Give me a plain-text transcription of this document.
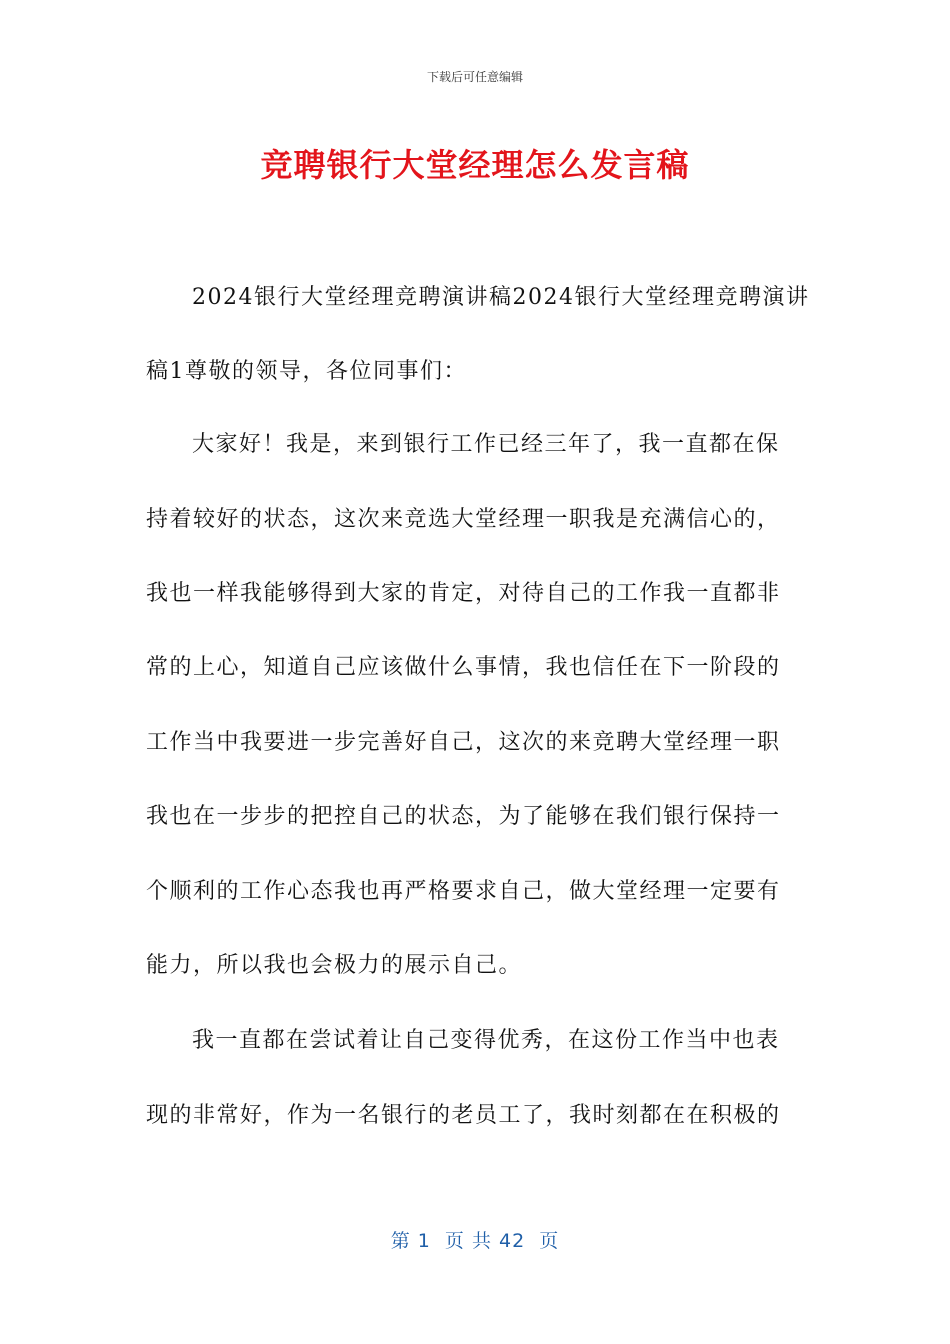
下载后可任意编辑
竞聘银行大堂经理怎么发言稿
2024银行大堂经理竞聘演讲稿2024银行大堂经理竞聘演讲
稿1尊敬的领导，各位同事们：
大家好！我是，来到银行工作已经三年了，我一直都在保
持着较好的状态，这次来竞选大堂经理一职我是充满信心的，
我也一样我能够得到大家的肯定，对待自己的工作我一直都非
常的上心，知道自己应该做什么事情，我也信任在下一阶段的
工作当中我要进一步完善好自己，这次的来竞聘大堂经理一职
我也在一步步的把控自己的状态，为了能够在我们银行保持一
个顺利的工作心态我也再严格要求自己，做大堂经理一定要有
能力，所以我也会极力的展示自己。
我一直都在尝试着让自己变得优秀，在这份工作当中也表
现的非常好，作为一名银行的老员工了，我时刻都在在积极的
第 1  页 共 42  页
